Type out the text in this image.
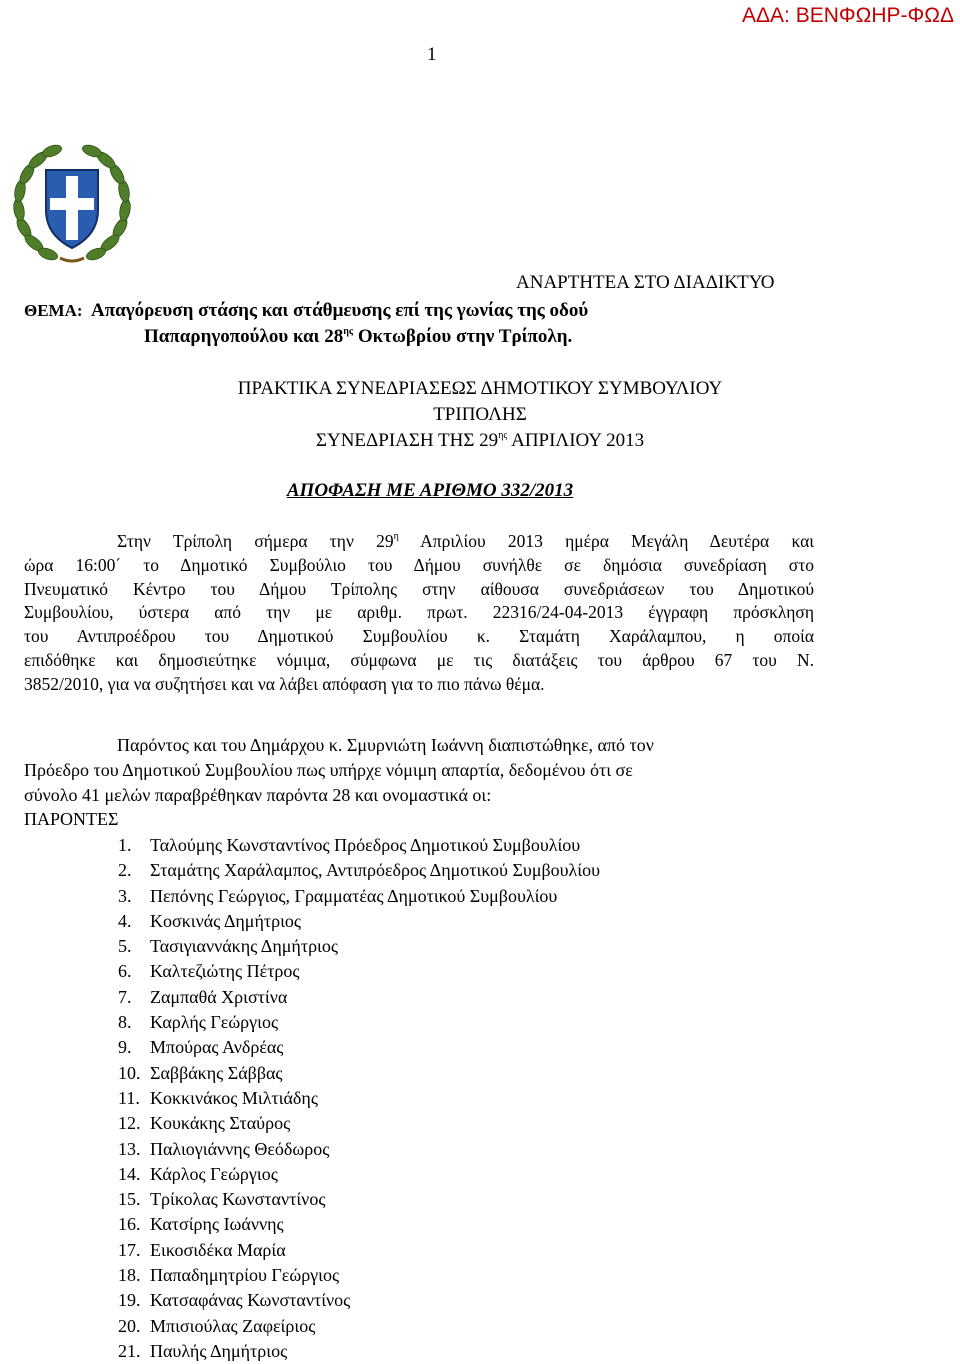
ΑΔΑ: ΒΕΝΦΩΗΡ-ΦΩΔ
1
ΑΝΑΡΤΗΤΕΑ ΣΤΟ ΔΙΑΔΙΚΤΥΟ
ΘΕΜΑ: Απαγόρευση στάσης και στάθμευσης επί της γωνίας της οδού
Παπαρηγοπούλου και $28^{\eta\varsigma}$ Οκτωβρίου στην Τρίπολη.
ΠΡΑΚΤΙΚΑ ΣΥΝΕΔΡΙΑΣΕΩΣ ΔΗΜΟΤΙΚΟΥ ΣΥΜΒΟΥΛΙΟΥ
ΤΡΙΠΟΛΗΣ
ΣΥΝΕΔΡΙΑΣΗ ΤΗΣ $29^{\eta\varsigma}$ ΑΠΡΙΛΙΟΥ 2013
ΑΠΟΦΑΣΗ ΜΕ ΑΡΙΘΜΟ 332/2013
Στην Τρίπολη σήμερα την $29^\eta$ Απριλίου 2013 ημέρα Μεγάλη Δευτέρα και
ώρα 16:00΄ το Δημοτικό Συμβούλιο του Δήμου συνήλθε σε δημόσια συνεδρίαση στο
Πνευματικό Κέντρο του Δήμου Τρίπολης στην αίθουσα συνεδριάσεων του Δημοτικού
Συμβουλίου, ύστερα από την με αριθμ. πρωτ. 22316/24-04-2013 έγγραφη πρόσκληση
του Αντιπροέδρου του Δημοτικού Συμβουλίου κ. Σταμάτη Χαράλαμπου, η οποία
επιδόθηκε και δημοσιεύτηκε νόμιμα, σύμφωνα με τις διατάξεις του άρθρου 67 του Ν.
3852/2010, για να συζητήσει και να λάβει απόφαση για το πιο πάνω θέμα.
Παρόντος και του Δημάρχου κ. Σμυρνιώτη Ιωάννη διαπιστώθηκε, από τον
Πρόεδρο του Δημοτικού Συμβουλίου πως υπήρχε νόμιμη απαρτία, δεδομένου ότι σε
σύνολο 41 μελών παραβρέθηκαν παρόντα 28 και ονομαστικά οι:
ΠΑΡΟΝΤΕΣ
1. Ταλούμης Κωνσταντίνος Πρόεδρος Δημοτικού Συμβουλίου
2. Σταμάτης Χαράλαμπος, Αντιπρόεδρος Δημοτικού Συμβουλίου
3. Πεπόνης Γεώργιος, Γραμματέας Δημοτικού Συμβουλίου
4. Κοσκινάς Δημήτριος
5. Τασιγιαννάκης Δημήτριος
6. Καλτεζιώτης Πέτρος
7. Ζαμπαθά Χριστίνα
8. Καρλής Γεώργιος
9. Μπούρας Ανδρέας
10. Σαββάκης Σάββας
11. Κοκκινάκος Μιλτιάδης
12. Κουκάκης Σταύρος
13. Παλιογιάννης Θεόδωρος
14. Κάρλος Γεώργιος
15. Τρίκολας Κωνσταντίνος
16. Κατσίρης Ιωάννης
17. Εικοσιδέκα Μαρία
18. Παπαδημητρίου Γεώργιος
19. Κατσαφάνας Κωνσταντίνος
20. Μπισιούλας Ζαφείριος
21. Παυλής Δημήτριος
